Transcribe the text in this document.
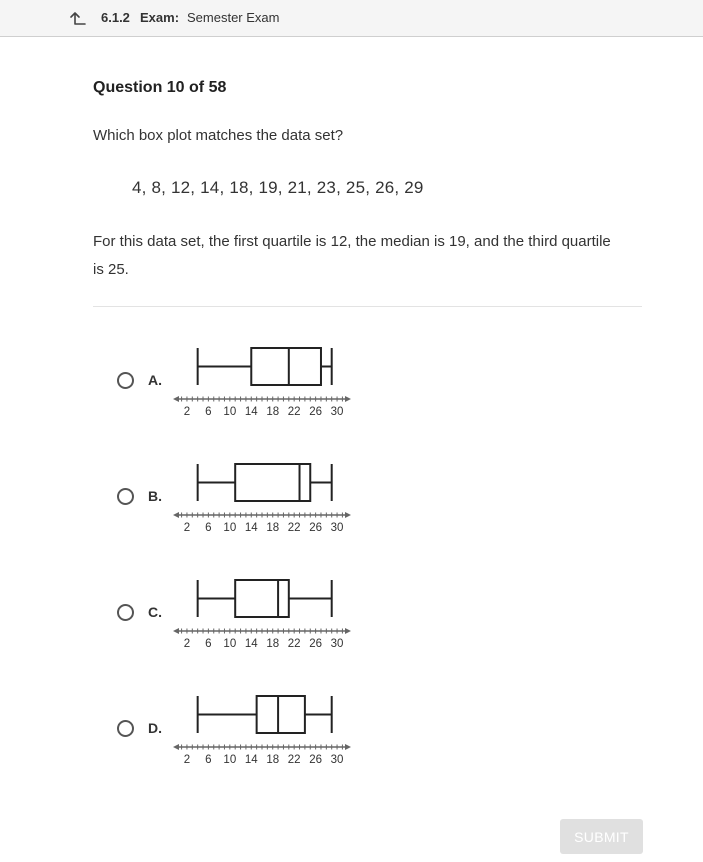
6.1.2 Exam: Semester Exam
Question 10 of 58
Which box plot matches the data set?
4, 8, 12, 14, 18, 19, 21, 23, 25, 26, 29
For this data set, the first quartile is 12, the median is 19, and the third quartile is 25.
A.
2 6 10 14 18 22 26 30
B.
2 6 10 14 18 22 26 30
C.
2 6 10 14 18 22 26 30
D.
2 6 10 14 18 22 26 30
SUBMIT
